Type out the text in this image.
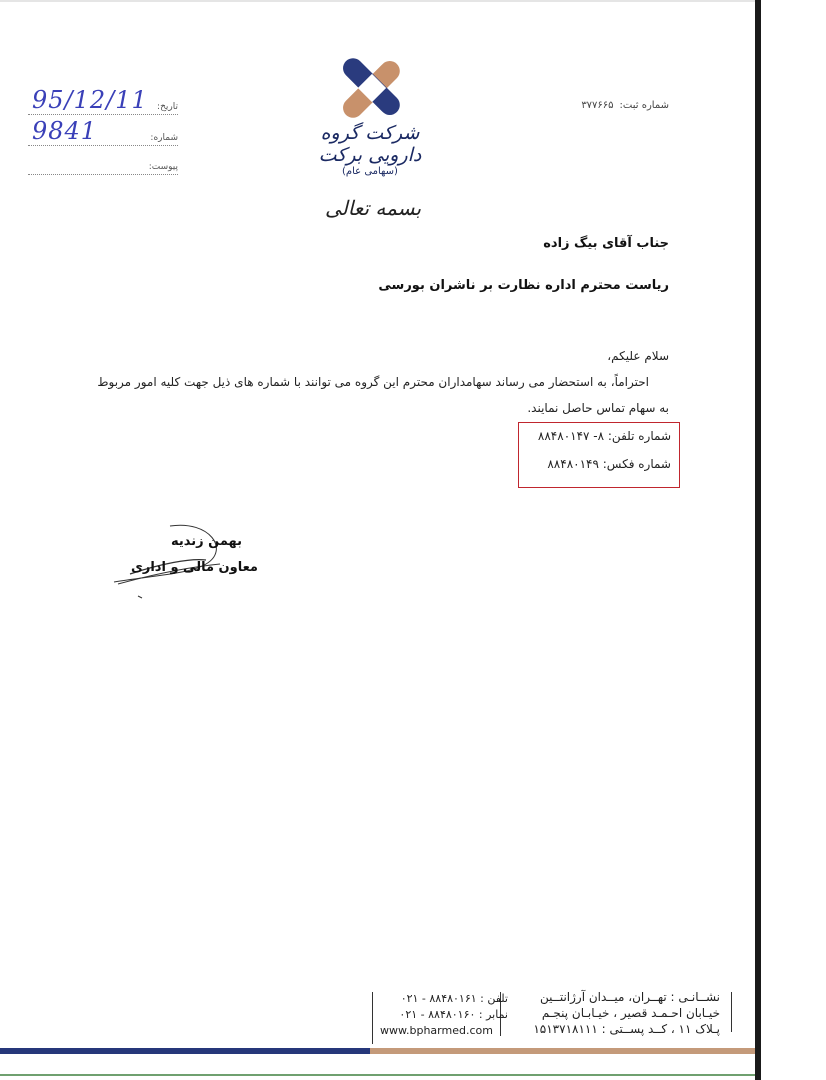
شماره ثبت:۳۷۷۶۶۵
95/12/11 تاریخ:
9841	شماره:
پیوست:
شرکت گروه دارویی برکت
(سهامی عام)
بسمه تعالی
جناب آقای بیگ زاده
ریاست محترم اداره نظارت بر ناشران بورسی

سلام علیکم،

احتراماً، به استحضار می رساند سهامداران محترم این گروه می توانند با شماره های ذیل جهت کلیه امور مربوط

به سهام تماس حاصل نمایند.

شماره تلفن: ۸- ۸۸۴۸۰۱۴۷
شماره فکس: ۸۸۴۸۰۱۴۹
بهمن زندیه
معاون مالی و اداری
نشــانـی : تهــران، میــدان آرژانتــین
خیـابان احـمـد قصیر ، خیـابـان پنجـم
پـلاک ۱۱ ، کــد پســتی : ۱۵۱۳۷۱۸۱۱۱
تلفن : ۸۸۴۸۰۱۶۱ - ۰۲۱
نمابر : ۸۸۴۸۰۱۶۰ - ۰۲۱
www.bpharmed.com
